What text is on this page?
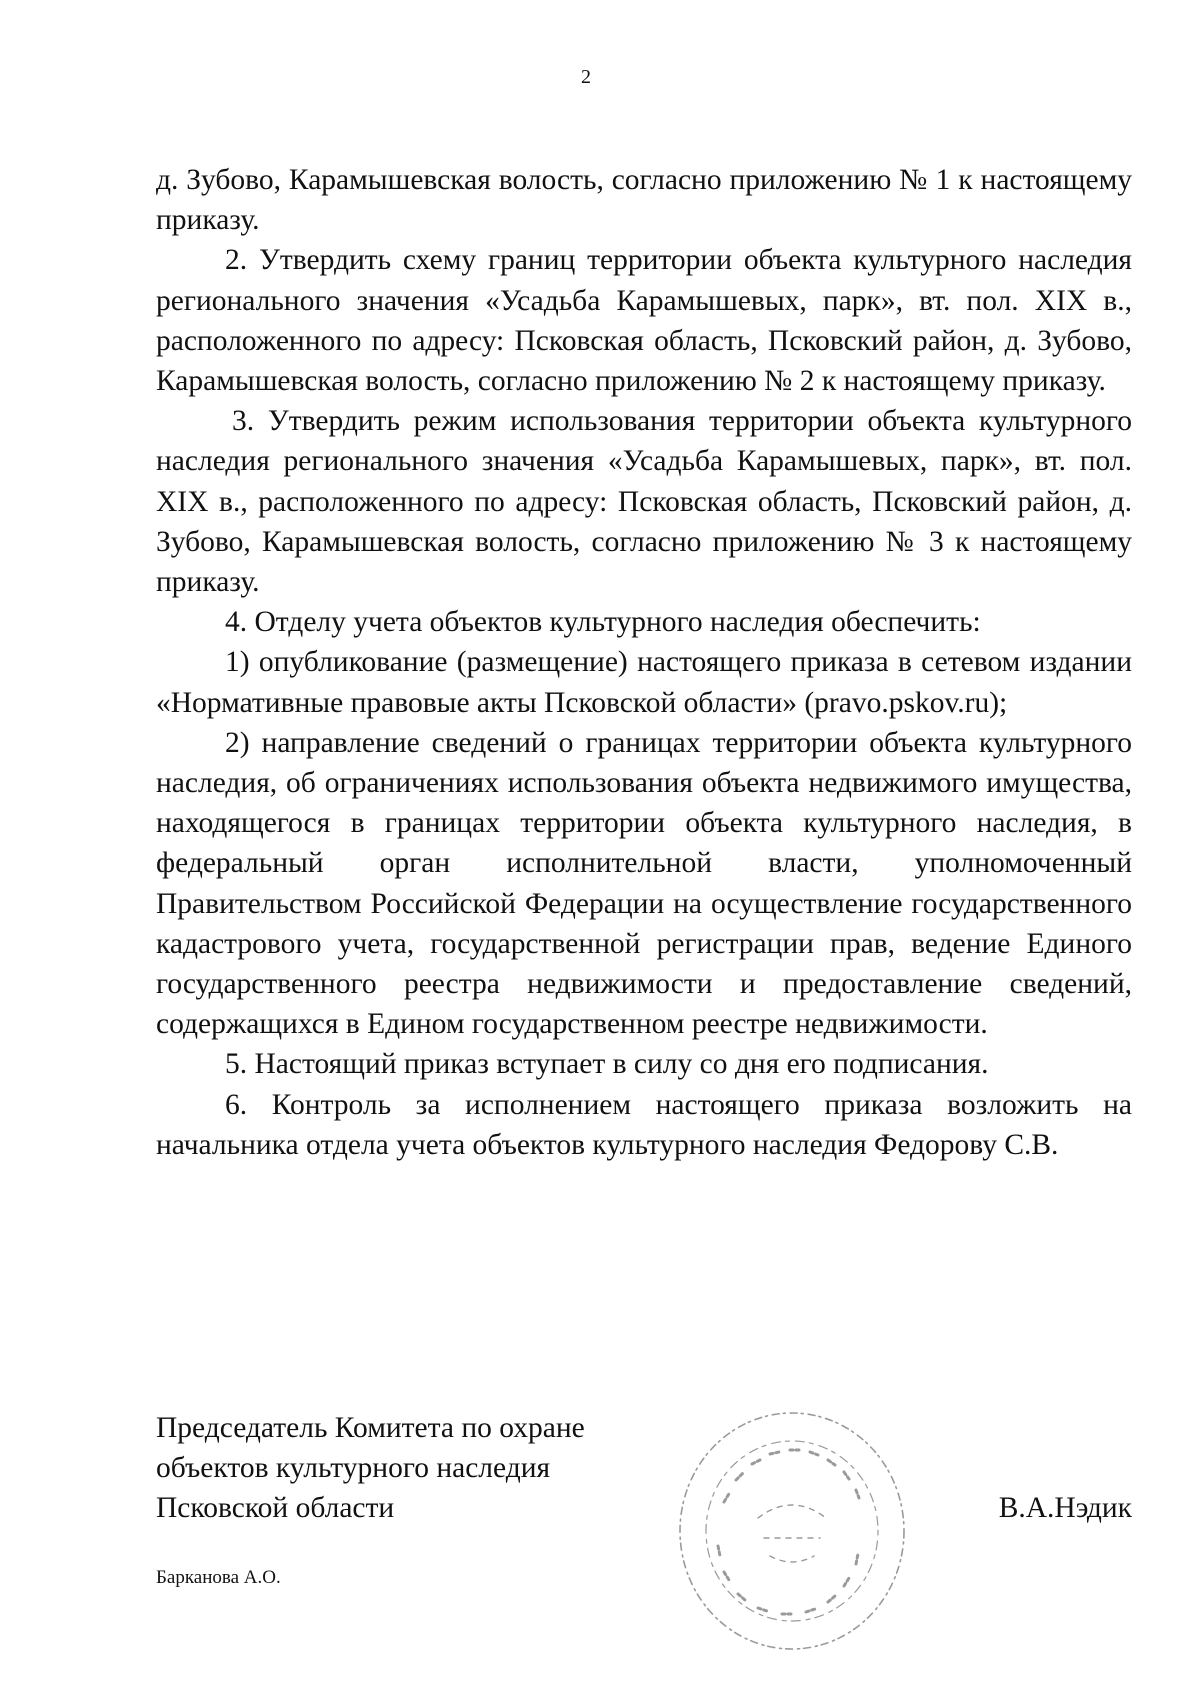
2

д. Зубово, Карамышевская волость, согласно приложению № 1 к настоящему приказу.

2. Утвердить схему границ территории объекта культурного наследия регионального значения «Усадьба Карамышевых, парк», вт. пол. XIX в., расположенного по адресу: Псковская область, Псковский район, д. Зубово, Карамышевская волость, согласно приложению № 2 к настоящему приказу.

3. Утвердить режим использования территории объекта культурного наследия регионального значения «Усадьба Карамышевых, парк», вт. пол. XIX в., расположенного по адресу: Псковская область, Псковский район, д. Зубово, Карамышевская волость, согласно приложению № 3 к настоящему приказу.

4. Отделу учета объектов культурного наследия обеспечить:

1) опубликование (размещение) настоящего приказа в сетевом издании «Нормативные правовые акты Псковской области» (pravo.pskov.ru);

2) направление сведений о границах территории объекта культурного наследия, об ограничениях использования объекта недвижимого имущества, находящегося в границах территории объекта культурного наследия, в федеральный орган исполнительной власти, уполномоченный Правительством Российской Федерации на осуществление государственного кадастрового учета, государственной регистрации прав, ведение Единого государственного реестра недвижимости и предоставление сведений, содержащихся в Едином государственном реестре недвижимости.

5. Настоящий приказ вступает в силу со дня его подписания.

6. Контроль за исполнением настоящего приказа возложить на начальника отдела учета объектов культурного наследия Федорову С.В.

Председатель Комитета по охране
объектов культурного наследия
Псковской области	В.А.Нэдик
Барканова А.О.
